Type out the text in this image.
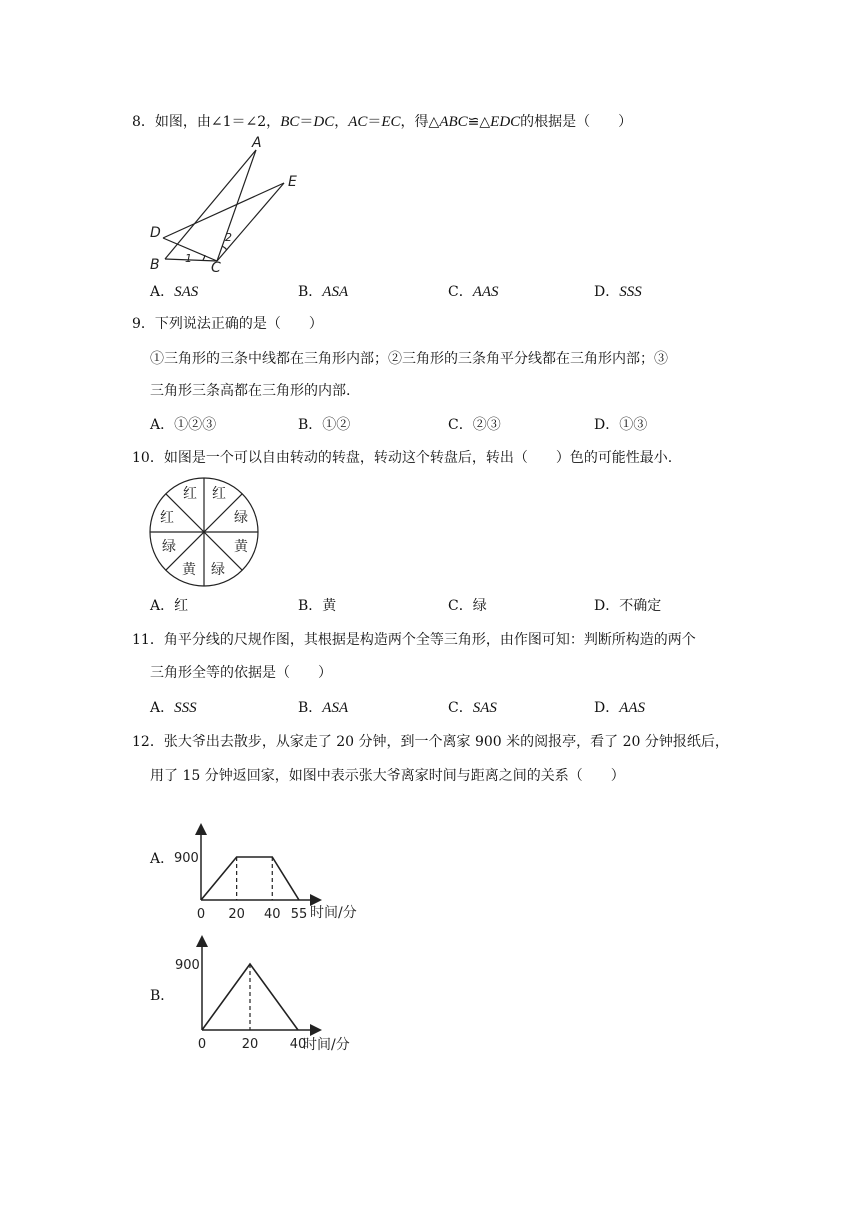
8．如图，由∠1＝∠2，BC＝DC，AC＝EC，得△ABC≌△EDC的根据是（　　）
A
E
D
B	C
1
2
A．SAS	B．ASA	C．AAS	D．SSS
9．下列说法正确的是（　　）
①三角形的三条中线都在三角形内部；②三角形的三条角平分线都在三角形内部；③
三角形三条高都在三角形的内部.
A．①②③	B．①②	C．②③	D．①③
10．如图是一个可以自由转动的转盘，转动这个转盘后，转出（　　）色的可能性最小.
红 红
绿
黄
绿
黄
绿
红
A．红	B．黄	C．绿	D．不确定
11．角平分线的尺规作图，其根据是构造两个全等三角形，由作图可知：判断所构造的两个
三角形全等的依据是（　　）
A．SSS	B．ASA	C．SAS	D．AAS
12．张大爷出去散步，从家走了 20 分钟，到一个离家 900 米的阅报亭，看了 20 分钟报纸后，
用了 15 分钟返回家，如图中表示张大爷离家时间与距离之间的关系（　　）
A．
0 20 40 55
900
时间/分
B．
0	20 40
900
时间/分
